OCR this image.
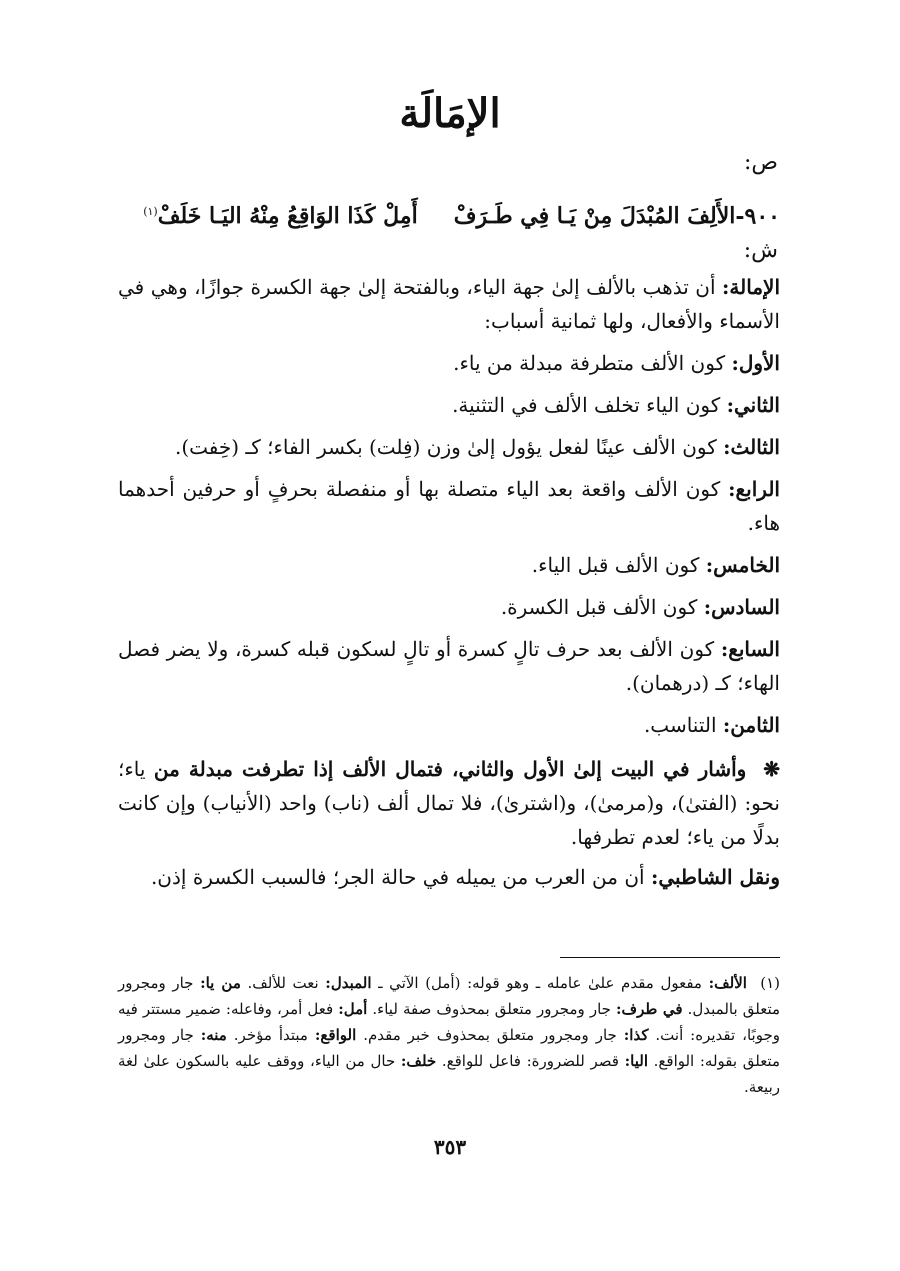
الإمَالَة
ص:
٩٠٠-الأَلِفَ المُبْدَلَ مِنْ يَـا فِي طَـرَفْأَمِلْ كَذَا الوَاقِعُ مِنْهُ اليَـا خَلَفْ$^{(١)}$
ش:
الإمالة: أن تذهب بالألف إلىٰ جهة الياء، وبالفتحة إلىٰ جهة الكسرة جوازًا، وهي في الأسماء والأفعال، ولها ثمانية أسباب:
الأول: كون الألف متطرفة مبدلة من ياء.
الثاني: كون الياء تخلف الألف في التثنية.
الثالث: كون الألف عينًا لفعل يؤول إلىٰ وزن (فِلت) بكسر الفاء؛ كـ (خِفت).
الرابع: كون الألف واقعة بعد الياء متصلة بها أو منفصلة بحرفٍ أو حرفين أحدهما هاء.
الخامس: كون الألف قبل الياء.
السادس: كون الألف قبل الكسرة.
السابع: كون الألف بعد حرف تالٍ كسرة أو تالٍ لسكون قبله كسرة، ولا يضر فصل الهاء؛ كـ (درهمان).
الثامن: التناسب.
❋  وأشار في البيت إلىٰ الأول والثاني، فتمال الألف إذا تطرفت مبدلة من ياء؛ نحو: (الفتىٰ)، و(مرمىٰ)، و(اشترىٰ)، فلا تمال ألف (ناب) واحد (الأنياب) وإن كانت بدلًا من ياء؛ لعدم تطرفها.
ونقل الشاطبي: أن من العرب من يميله في حالة الجر؛ فالسبب الكسرة إذن.
(١)  الألف: مفعول مقدم علىٰ عامله ـ وهو قوله: (أمل) الآتي ـ المبدل: نعت للألف. من يا: جار ومجرور متعلق بالمبدل. في طرف: جار ومجرور متعلق بمحذوف صفة لياء. أمل: فعل أمر، وفاعله: ضمير مستتر فيه وجوبًا، تقديره: أنت. كذا: جار ومجرور متعلق بمحذوف خبر مقدم. الواقع: مبتدأ مؤخر. منه: جار ومجرور متعلق بقوله: الواقع. اليا: قصر للضرورة: فاعل للواقع. خلف: حال من الياء، ووقف عليه بالسكون علىٰ لغة ربيعة.
٣٥٣
